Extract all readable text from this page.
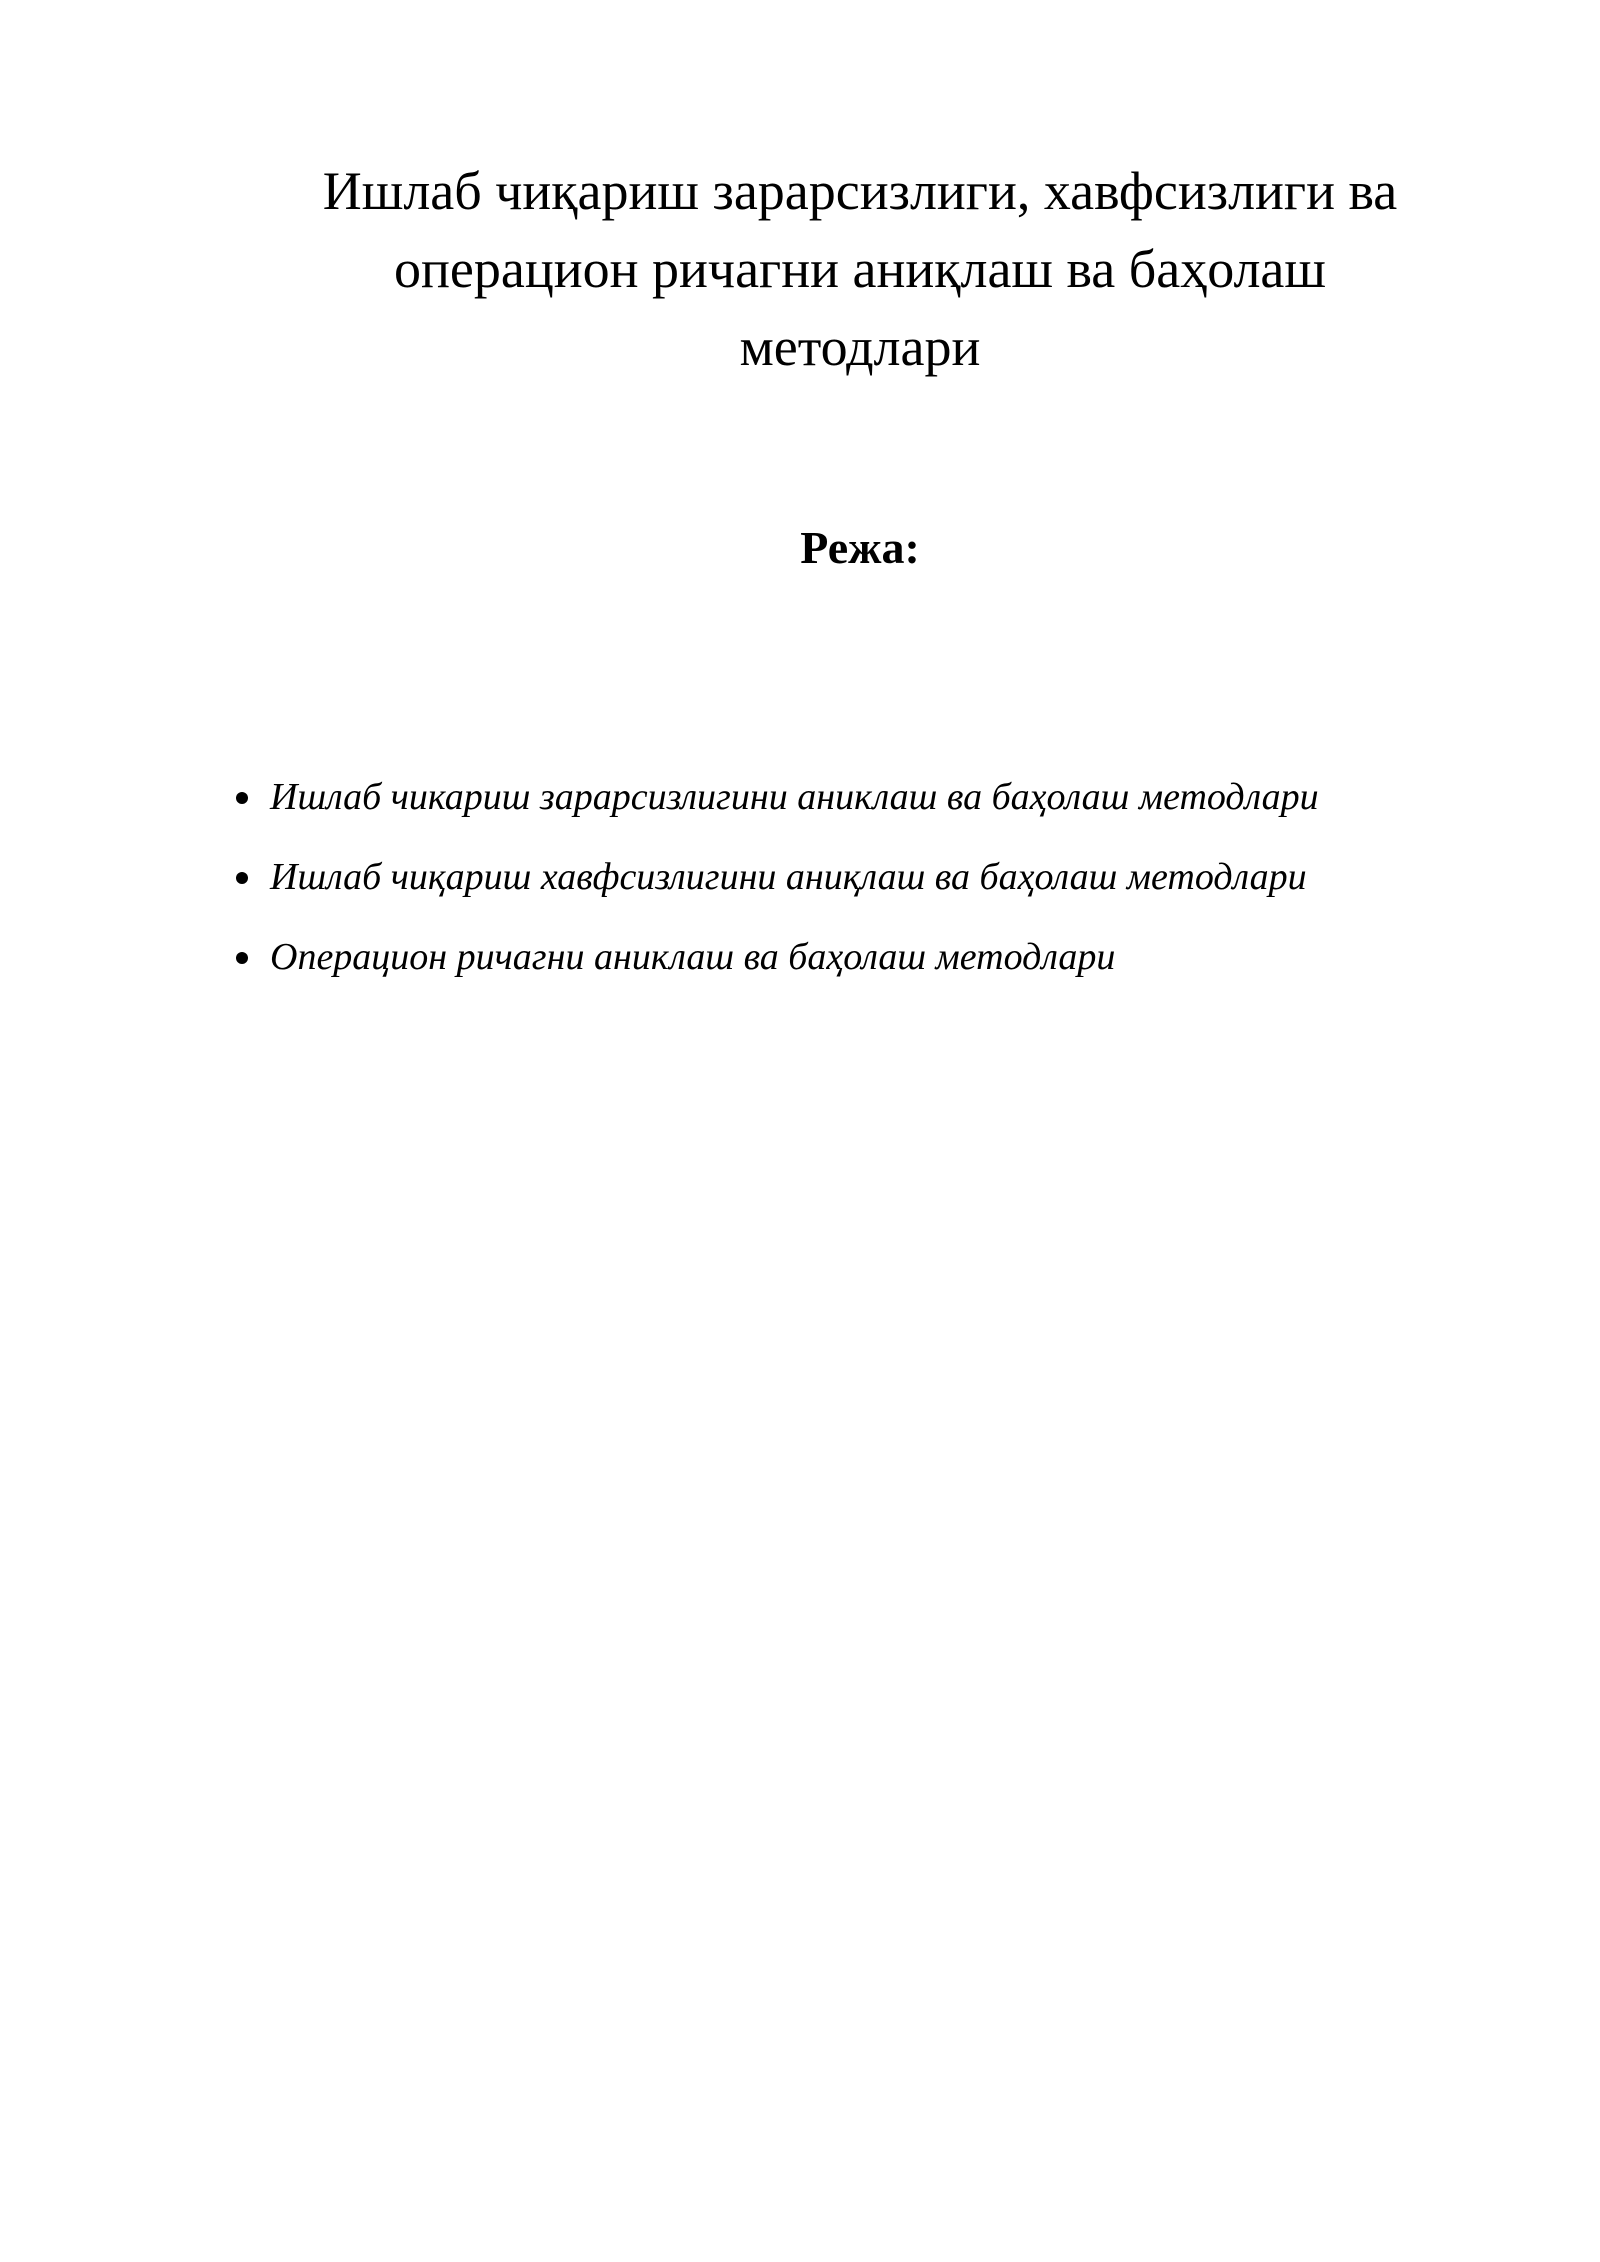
Ишлаб чиқариш зарарсизлиги, хавфсизлиги ва
операцион ричагни аниқлаш ва баҳолаш
методлари
Режа:
Ишлаб чикариш зарарсизлигини аниклаш ва баҳолаш методлари
Ишлаб чиқариш хавфсизлигини аниқлаш ва баҳолаш методлари
Операцион ричагни аниклаш ва баҳолаш методлари
